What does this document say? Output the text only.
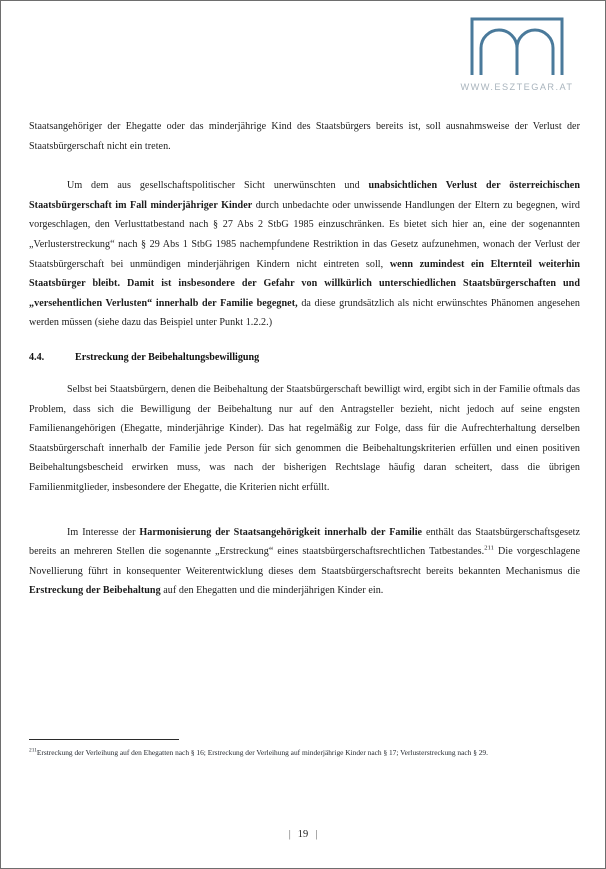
WWW.ESZTEGAR.AT

Staatsangehöriger der Ehegatte oder das minderjährige Kind des Staatsbürgers bereits ist, soll ausnahmsweise der Verlust der Staatsbürgerschaft nicht ein treten.

Um dem aus gesellschaftspolitischer Sicht unerwünschten und unabsichtlichen Verlust der österreichischen Staatsbürgerschaft im Fall minderjähriger Kinder durch unbedachte oder unwissende Handlungen der Eltern zu begegnen, wird vorgeschlagen, den Verlusttatbestand nach § 27 Abs 2 StbG 1985 einzuschränken. Es bietet sich hier an, eine der sogenannten „Verlusterstreckung“ nach § 29 Abs 1 StbG 1985 nachempfundene Restriktion in das Gesetz aufzunehmen, wonach der Verlust der Staatsbürgerschaft bei unmündigen minderjährigen Kindern nicht eintreten soll, wenn zumindest ein Elternteil weiterhin Staatsbürger bleibt. Damit ist insbesondere der Gefahr von willkürlich unterschiedlichen Staatsbürgerschaften und „versehentlichen Verlusten“ innerhalb der Familie begegnet, da diese grundsätzlich als nicht erwünschtes Phänomen angesehen werden müssen (siehe dazu das Beispiel unter Punkt 1.2.2.)

4.4.	Erstreckung der Beibehaltungsbewilligung

Selbst bei Staatsbürgern, denen die Beibehaltung der Staatsbürgerschaft bewilligt wird, ergibt sich in der Familie oftmals das Problem, dass sich die Bewilligung der Beibehaltung nur auf den Antragsteller bezieht, nicht jedoch auf seine engsten Familienangehörigen (Ehegatte, minderjährige Kinder). Das hat regelmäßig zur Folge, dass für die Aufrechterhaltung derselben Staatsbürgerschaft innerhalb der Familie jede Person für sich genommen die Beibehaltungskriterien erfüllen und einen positiven Beibehaltungsbescheid erwirken muss, was nach der bisherigen Rechtslage häufig daran scheitert, dass die übrigen Familienmitglieder, insbesondere der Ehegatte, die Kriterien nicht erfüllt.

Im Interesse der Harmonisierung der Staatsangehörigkeit innerhalb der Familie enthält das Staatsbürgerschaftsgesetz bereits an mehreren Stellen die sogenannte „Erstreckung“ eines staatsbürgerschaftsrechtlichen Tatbestandes.$^{211}$ Die vorgeschlagene Novellierung führt in konsequenter Weiterentwicklung dieses dem Staatsbürgerschaftsrecht bereits bekannten Mechanismus die Erstreckung der Beibehaltung auf den Ehegatten und die minderjährigen Kinder ein.

$^{211}$Erstreckung der Verleihung auf den Ehegatten nach § 16; Erstreckung der Verleihung auf minderjährige Kinder nach § 17; Verlusterstreckung nach § 29.

| 19 |
